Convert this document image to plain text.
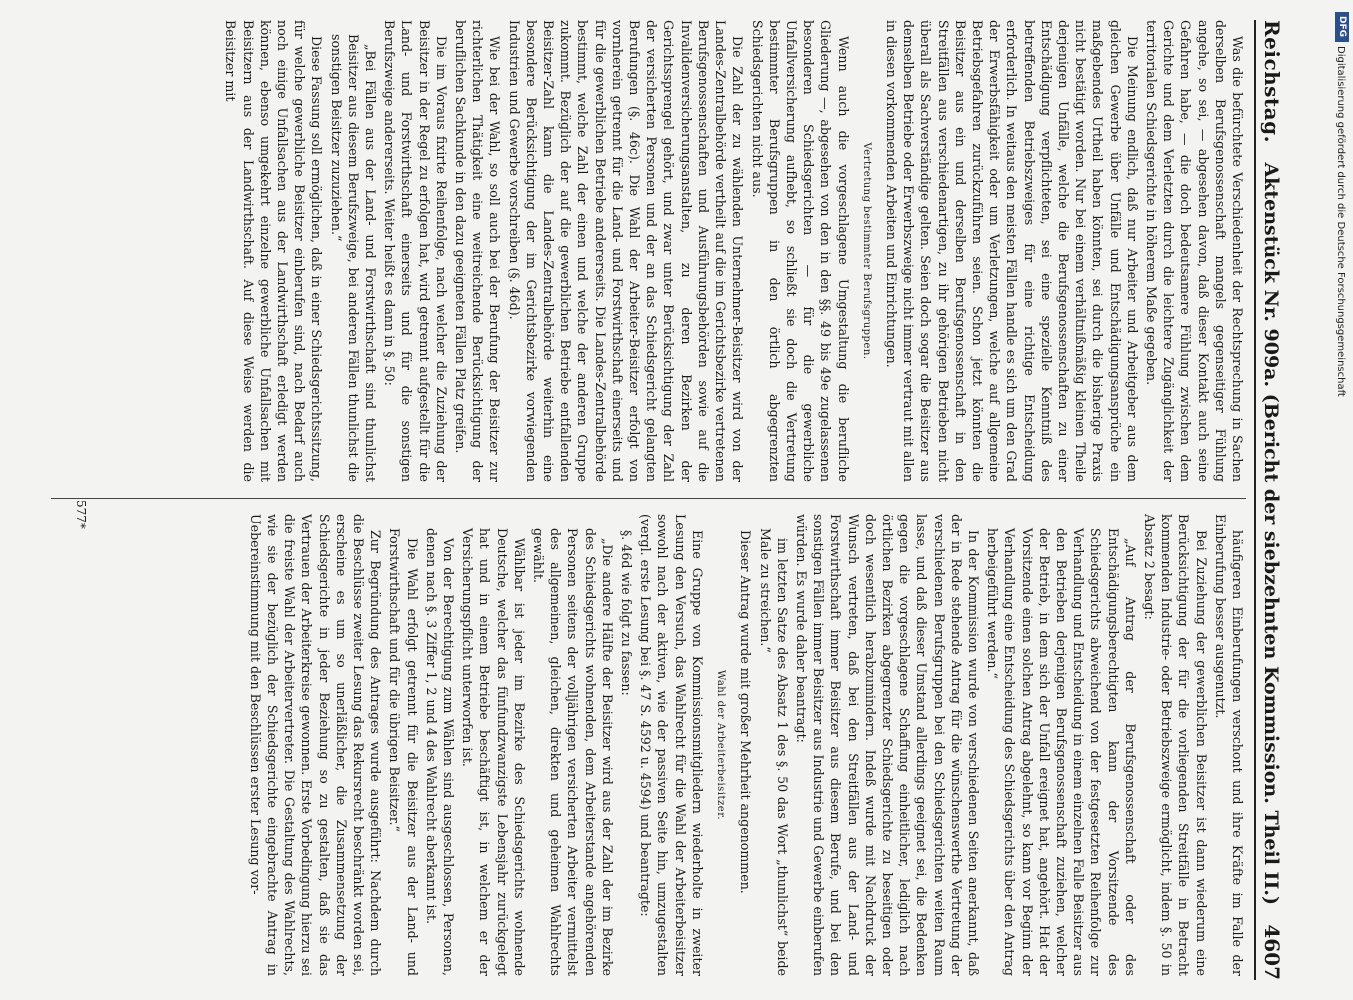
Reichstag.
Aktenstück Nr. 909a. (Bericht der siebzehnten Kommission. Theil II.)
4607

Was die befürchtete Verschiedenheit der Rechtsprechung in Sachen derselben Berufsgenossenschaft mangels gegenseitiger Fühlung angehe, so sei, — abgesehen davon, daß dieser Kontakt auch seine Gefahren habe, — die doch bedeutsamere Fühlung zwischen dem Gerichte und dem Verletzten durch die leichtere Zugänglichkeit der territorialen Schiedsgerichte in höherem Maße gegeben.

Die Meinung endlich, daß nur Arbeiter und Arbeitgeber aus dem gleichen Gewerbe über Unfälle und Entschädigungsansprüche ein maßgebendes Urtheil haben könnten, sei durch die bisherige Praxis nicht bestätigt worden. Nur bei einem verhältnißmäßig kleinen Theile derjenigen Unfälle, welche die Berufsgenossenschaften zu einer Entschädigung verpflichteten, sei eine spezielle Kenntniß des betreffenden Betriebszweiges für eine richtige Entscheidung erforderlich. In weitaus den meisten Fällen handle es sich um den Grad der Erwerbsfähigkeit oder um Verletzungen, welche auf allgemeine Betriebsgefahren zurückzuführen seien. Schon jetzt könnten die Beisitzer aus ein und derselben Berufsgenossenschaft in den Streitfällen aus verschiedenartigen, zu ihr gehörigen Betrieben nicht überall als Sachverständige gelten. Seien doch sogar die Beisitzer aus demselben Betriebe oder Erwerbszweige nicht immer vertraut mit allen in diesen vorkommenden Arbeiten und Einrichtungen.

Vertretung bestimmter Berufsgruppen.

Wenn auch die vorgeschlagene Umgestaltung die berufliche Gliederung —, abgesehen von den in den §§. 49 bis 49e zugelassenen besonderen Schiedsgerichten — für die gewerbliche Unfallversicherung aufhebt, so schließt sie doch die Vertretung bestimmter Berufsgruppen in den örtlich abgegrenzten Schiedsgerichten nicht aus.

Die Zahl der zu wählenden Unternehmer-Beisitzer wird von der Landes-Zentralbehörde vertheilt auf die im Gerichtsbezirke vertretenen Berufsgenossenschaften und Ausführungsbehörden sowie auf die Invalidenversicherungsanstalten, zu deren Bezirken der Gerichtssprengel gehört, und zwar unter Berücksichtigung der Zahl der versicherten Personen und der an das Schiedsgericht gelangten Berufungen (§. 46c). Die Wahl der Arbeiter-Beisitzer erfolgt von vornherein getrennt für die Land- und Forstwirthschaft einerseits und für die gewerblichen Betriebe andererseits. Die Landes-Zentralbehörde bestimmt, welche Zahl der einen und welche der anderen Gruppe zukommt. Bezüglich der auf die gewerblichen Betriebe entfallenden Beisitzer-Zahl kann die Landes-Zentralbehörde weiterhin eine besondere Berücksichtigung der im Gerichtsbezirke vorwiegenden Industrien und Gewerbe vorschreiben (§. 46d).

Wie bei der Wahl, so soll auch bei der Berufung der Beisitzer zur richterlichen Thätigkeit eine weitreichende Berücksichtigung der beruflichen Sachkunde in den dazu geeigneten Fällen Platz greifen.

Die im Voraus fixirte Reihenfolge, nach welcher die Zuziehung der Beisitzer in der Regel zu erfolgen hat, wird getrennt aufgestellt für die Land- und Forstwirthschaft einerseits und für die sonstigen Berufszweige andererseits. Weiter heißt es dann in §. 50:

„Bei Fällen aus der Land- und Forstwirthschaft sind thunlichst Beisitzer aus diesem Berufszweige, bei anderen Fällen thunlichst die sonstigen Beisitzer zuzuziehen.“

Diese Fassung soll ermöglichen, daß in einer Schiedsgerichtssitzung, für welche gewerbliche Beisitzer einberufen sind, nach Bedarf auch noch einige Unfallsachen aus der Landwirthschaft erledigt werden können, ebenso umgekehrt einzelne gewerbliche Unfallsachen mit Beisitzern aus der Landwirthschaft. Auf diese Weise werden die Beisitzer mit

häufigeren Einberufungen verschont und ihre Kräfte im Falle der Einberufung besser ausgenutzt.

Bei Zuziehung der gewerblichen Beisitzer ist dann wiederum eine Berücksichtigung der für die vorliegenden Streitfälle in Betracht kommenden Industrie- oder Betriebszweige ermöglicht, indem §. 50 in Absatz 2 besagt:

„Auf Antrag der Berufsgenossenschaft oder des Entschädigungsberechtigten kann der Vorsitzende des Schiedsgerichts abweichend von der festgesetzten Reihenfolge zur Verhandlung und Entscheidung in einem einzelnen Falle Beisitzer aus den Betrieben derjenigen Berufsgenossenschaft zuziehen, welcher der Betrieb, in dem sich der Unfall ereignet hat, angehört. Hat der Vorsitzende einen solchen Antrag abgelehnt, so kann vor Beginn der Verhandlung eine Entscheidung des Schiedsgerichts über den Antrag herbeigeführt werden.“

In der Kommission wurde von verschiedenen Seiten anerkannt, daß der in Rede stehende Antrag für die wünschenswerthe Vertretung der verschiedenen Berufsgruppen bei den Schiedsgerichten weiten Raum lasse, und daß dieser Umstand allerdings geeignet sei, die Bedenken gegen die vorgeschlagene Schaffung einheitlicher, lediglich nach örtlichen Bezirken abgegrenzter Schiedsgerichte zu beseitigen oder doch wesentlich herabzumindern. Indeß wurde mit Nachdruck der Wunsch vertreten, daß bei den Streitfällen aus der Land- und Forstwirthschaft immer Beisitzer aus diesem Berufe, und bei den sonstigen Fällen immer Beisitzer aus Industrie und Gewerbe einberufen würden. Es wurde daher beantragt:

im letzten Satze des Absatz 1 des §. 50 das Wort „thunlichst“ beide Male zu streichen.“

Dieser Antrag wurde mit großer Mehrheit angenommen.

Wahl der Arbeiterbeisitzer.

Eine Gruppe von Kommissionsmitgliedern wiederholte in zweiter Lesung den Versuch, das Wahlrecht für die Wahl der Arbeiterbeisitzer sowohl nach der aktiven, wie der passiven Seite hin, umzugestalten (vergl. erste Lesung bei §. 47 S. 4592 u. 4594) und beantragte:

§. 46d wie folgt zu fassen:

„Die andere Hälfte der Beisitzer wird aus der Zahl der im Bezirke des Schiedsgerichts wohnenden, dem Arbeiterstande angehörenden Personen seitens der volljährigen versicherten Arbeiter vermittelst des allgemeinen, gleichen, direkten und geheimen Wahlrechts gewählt.

Wählbar ist jeder im Bezirke des Schiedsgerichts wohnende Deutsche, welcher das fünfundzwanzigste Lebensjahr zurückgelegt hat und in einem Betriebe beschäftigt ist, in welchem er der Versicherungspflicht unterworfen ist.

Von der Berechtigung zum Wählen sind ausgeschlossen, Personen, denen nach §. 3 Ziffer 1, 2 und 4 des Wahlrecht aberkannt ist.

Die Wahl erfolgt getrennt für die Beisitzer aus der Land- und Forstwirthschaft und für die übrigen Beisitzer.“

Zur Begründung des Antrages wurde ausgeführt: Nachdem durch die Beschlüsse zweiter Lesung das Rekursrecht beschränkt worden sei, erscheine es um so unerläßlicher, die Zusammensetzung der Schiedsgerichte in jeder Beziehung so zu gestalten, daß sie das Vertrauen der Arbeiterkreise gewonnen. Erste Vorbedingung hierzu sei die freiste Wahl der Arbeitervertreter. Die Gestaltung des Wahlrechts, wie sie der bezüglich der Schiedsgerichte eingebrachte Antrag in Uebereinstimmung mit den Beschlüssen erster Lesung vor-

577*
DFG
Digitalisierung gefördert durch die Deutsche Forschungsgemeinschaft
